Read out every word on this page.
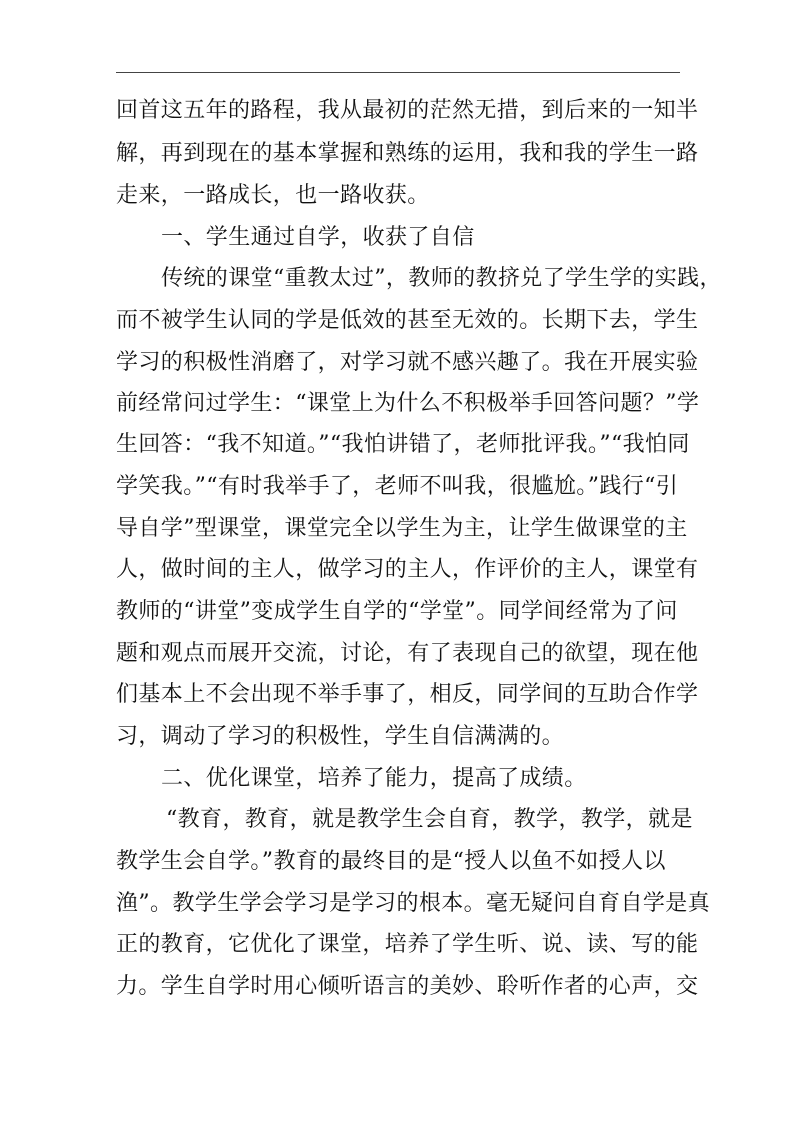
回首这五年的路程，我从最初的茫然无措，到后来的一知半
解，再到现在的基本掌握和熟练的运用，我和我的学生一路
走来，一路成长，也一路收获。
一、学生通过自学，收获了自信
传统的课堂“重教太过”，教师的教挤兑了学生学的实践，
而不被学生认同的学是低效的甚至无效的。长期下去，学生
学习的积极性消磨了，对学习就不感兴趣了。我在开展实验
前经常问过学生：“课堂上为什么不积极举手回答问题？”学
生回答：“我不知道。”“我怕讲错了，老师批评我。”“我怕同
学笑我。”“有时我举手了，老师不叫我，很尴尬。”践行“引
导自学”型课堂，课堂完全以学生为主，让学生做课堂的主
人，做时间的主人，做学习的主人，作评价的主人，课堂有
教师的“讲堂”变成学生自学的“学堂”。同学间经常为了问
题和观点而展开交流，讨论，有了表现自己的欲望，现在他
们基本上不会出现不举手事了，相反，同学间的互助合作学
习，调动了学习的积极性，学生自信满满的。
二、优化课堂，培养了能力，提高了成绩。
“教育，教育，就是教学生会自育，教学，教学，就是
教学生会自学。”教育的最终目的是“授人以鱼不如授人以
渔”。教学生学会学习是学习的根本。毫无疑问自育自学是真
正的教育，它优化了课堂，培养了学生听、说、读、写的能
力。学生自学时用心倾听语言的美妙、聆听作者的心声，交
